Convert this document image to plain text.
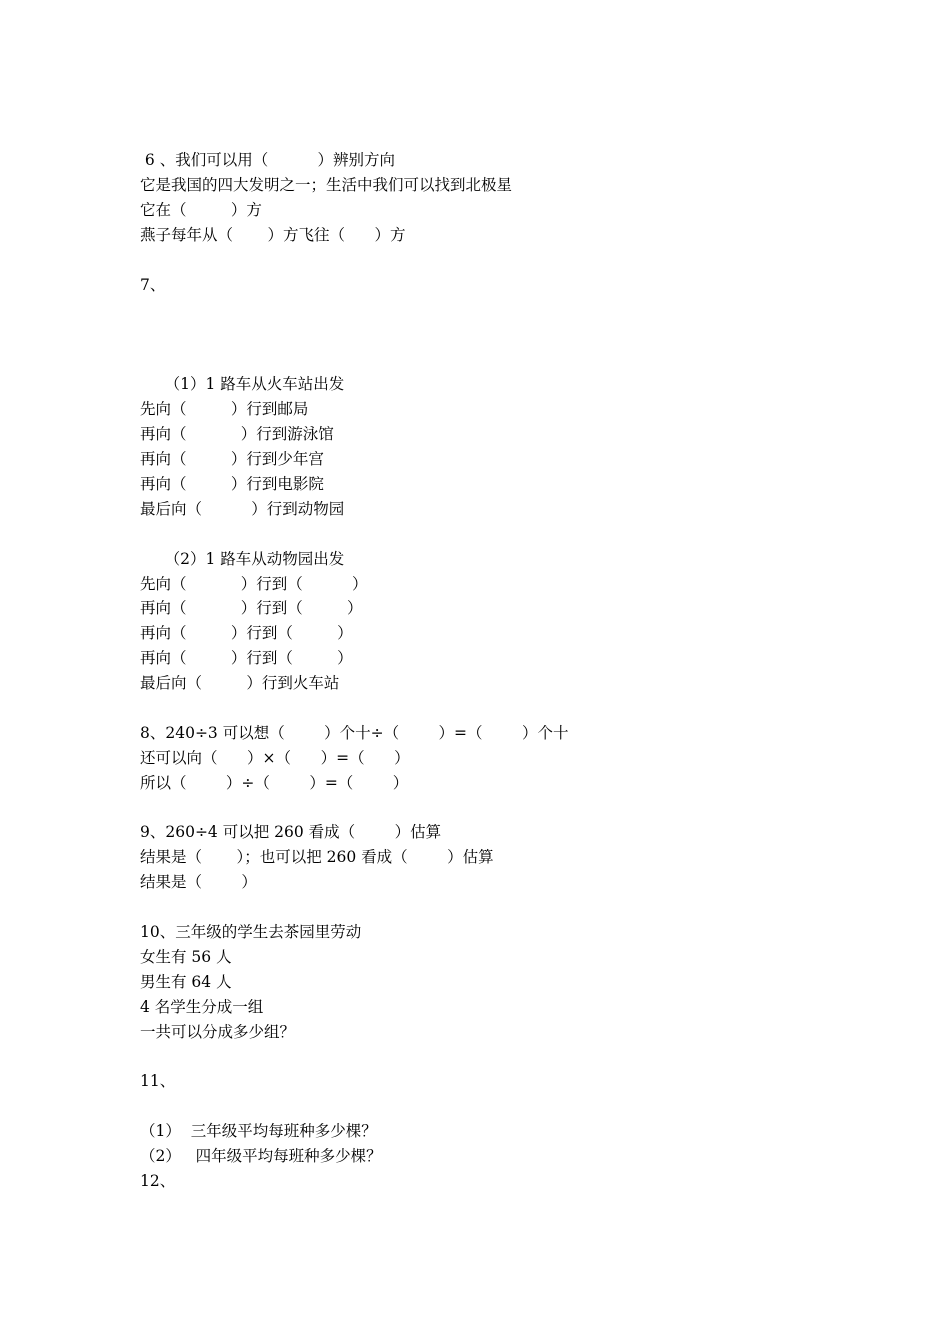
6 、我们可以用（          ）辨别方向
它是我国的四大发明之一；生活中我们可以找到北极星
它在（         ）方
燕子每年从（       ）方飞往（      ）方
7、
（1）1 路车从火车站出发
先向（         ）行到邮局
再向（           ）行到游泳馆
再向（         ）行到少年宫
再向（         ）行到电影院
最后向（          ）行到动物园
（2）1 路车从动物园出发
先向（           ）行到（          ）
再向（           ）行到（         ）
再向（         ）行到（         ）
再向（         ）行到（         ）
最后向（         ）行到火车站
8、240÷3 可以想（        ）个十÷（        ）=（        ）个十
还可以向（      ）×（      ）=（      ）
所以（        ）÷（        ）=（        ）
9、260÷4 可以把 260 看成（        ）估算
结果是（       ）；也可以把 260 看成（        ）估算
结果是（        ）
10、三年级的学生去茶园里劳动
女生有 56 人
男生有 64 人
4 名学生分成一组
一共可以分成多少组？
11、
（1）  三年级平均每班种多少棵？
（2）   四年级平均每班种多少棵？
12、
